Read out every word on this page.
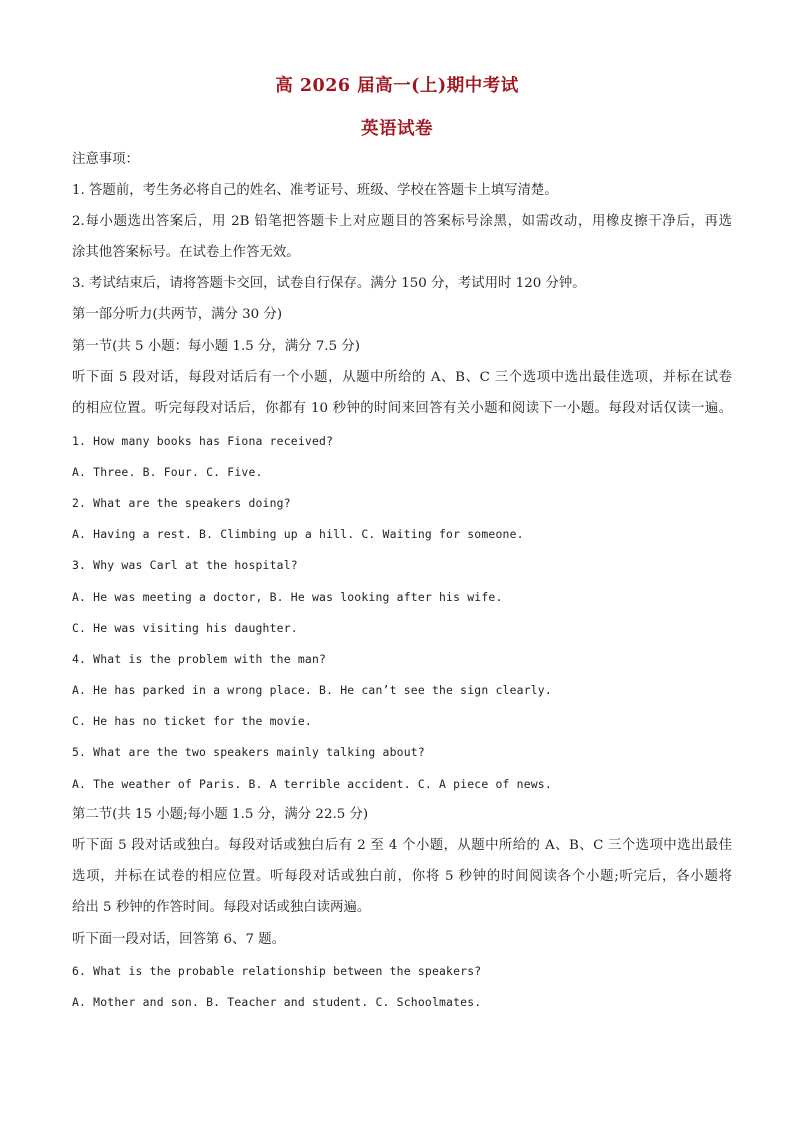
高 2026 届高一(上)期中考试
英语试卷
注意事项：
1. 答题前，考生务必将自己的姓名、准考证号、班级、学校在答题卡上填写清楚。
2.每小题选出答案后，用 2B 铅笔把答题卡上对应题目的答案标号涂黑，如需改动，用橡皮擦干净后，再选
涂其他答案标号。在试卷上作答无效。
3. 考试结束后，请将答题卡交回，试卷自行保存。满分 150 分，考试用时 120 分钟。
第一部分听力(共两节，满分 30 分)
第一节(共 5 小题：每小题 1.5 分，满分 7.5 分)
听下面 5 段对话，每段对话后有一个小题，从题中所给的 A、B、C 三个选项中选出最佳选项，并标在试卷
的相应位置。听完每段对话后，你都有 10 秒钟的时间来回答有关小题和阅读下一小题。每段对话仅读一遍。
1. How many books has Fiona received?
A. Three. B. Four. C. Five.
2. What are the speakers doing?
A. Having a rest. B. Climbing up a hill. C. Waiting for someone.
3. Why was Carl at the hospital?
A. He was meeting a doctor, B. He was looking after his wife.
C. He was visiting his daughter.
4. What is the problem with the man?
A. He has parked in a wrong place. B. He can’t see the sign clearly.
C. He has no ticket for the movie.
5. What are the two speakers mainly talking about?
A. The weather of Paris. B. A terrible accident. C. A piece of news.
第二节(共 15 小题;每小题 1.5 分，满分 22.5 分)
听下面 5 段对话或独白。每段对话或独白后有 2 至 4 个小题，从题中所给的 A、B、C 三个选项中选出最佳
选项，并标在试卷的相应位置。听每段对话或独白前，你将 5 秒钟的时间阅读各个小题;听完后，各小题将
给出 5 秒钟的作答时间。每段对话或独白读两遍。
听下面一段对话，回答第 6、7 题。
6. What is the probable relationship between the speakers?
A. Mother and son. B. Teacher and student. C. Schoolmates.
